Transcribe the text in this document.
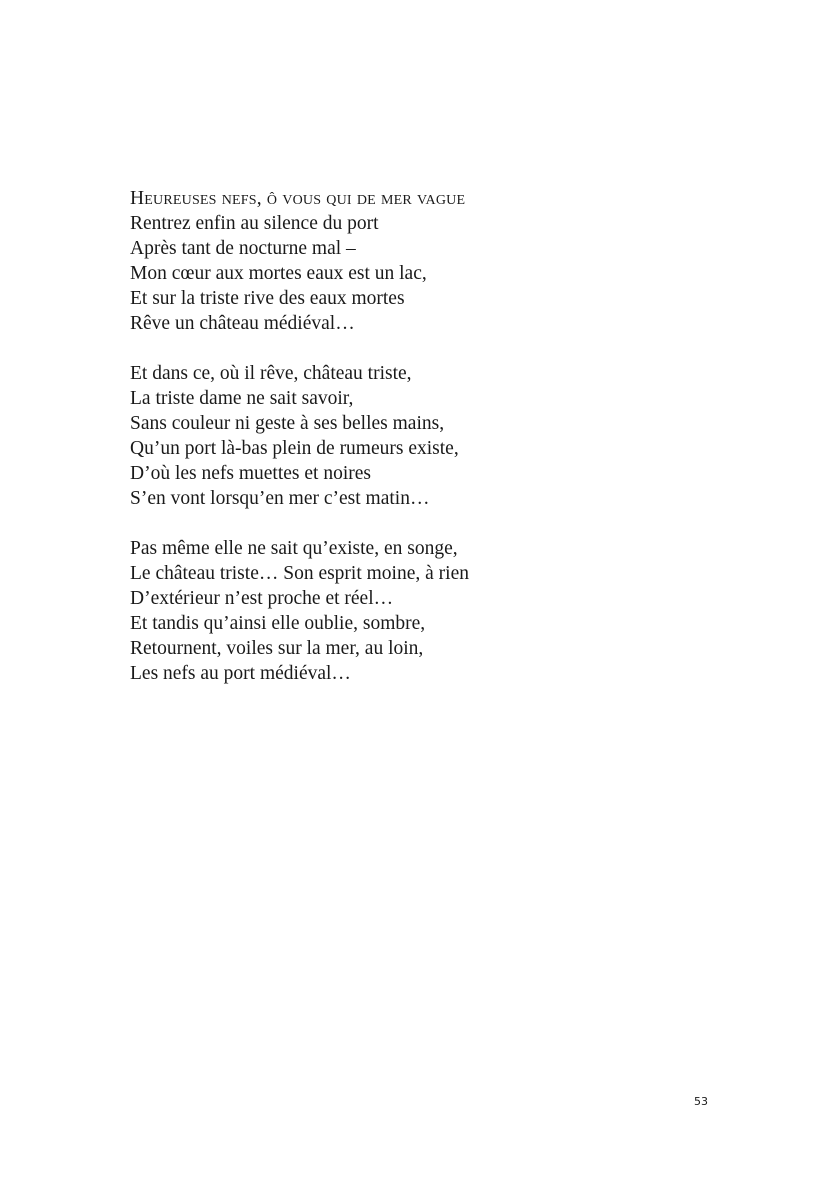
Heureuses nefs, ô vous qui de mer vague
Rentrez enfin au silence du port
Après tant de nocturne mal –
Mon cœur aux mortes eaux est un lac,
Et sur la triste rive des eaux mortes
Rêve un château médiéval…
Et dans ce, où il rêve, château triste,
La triste dame ne sait savoir,
Sans couleur ni geste à ses belles mains,
Qu’un port là-bas plein de rumeurs existe,
D’où les nefs muettes et noires
S’en vont lorsqu’en mer c’est matin…
Pas même elle ne sait qu’existe, en songe,
Le château triste… Son esprit moine, à rien
D’extérieur n’est proche et réel…
Et tandis qu’ainsi elle oublie, sombre,
Retournent, voiles sur la mer, au loin,
Les nefs au port médiéval…
53
